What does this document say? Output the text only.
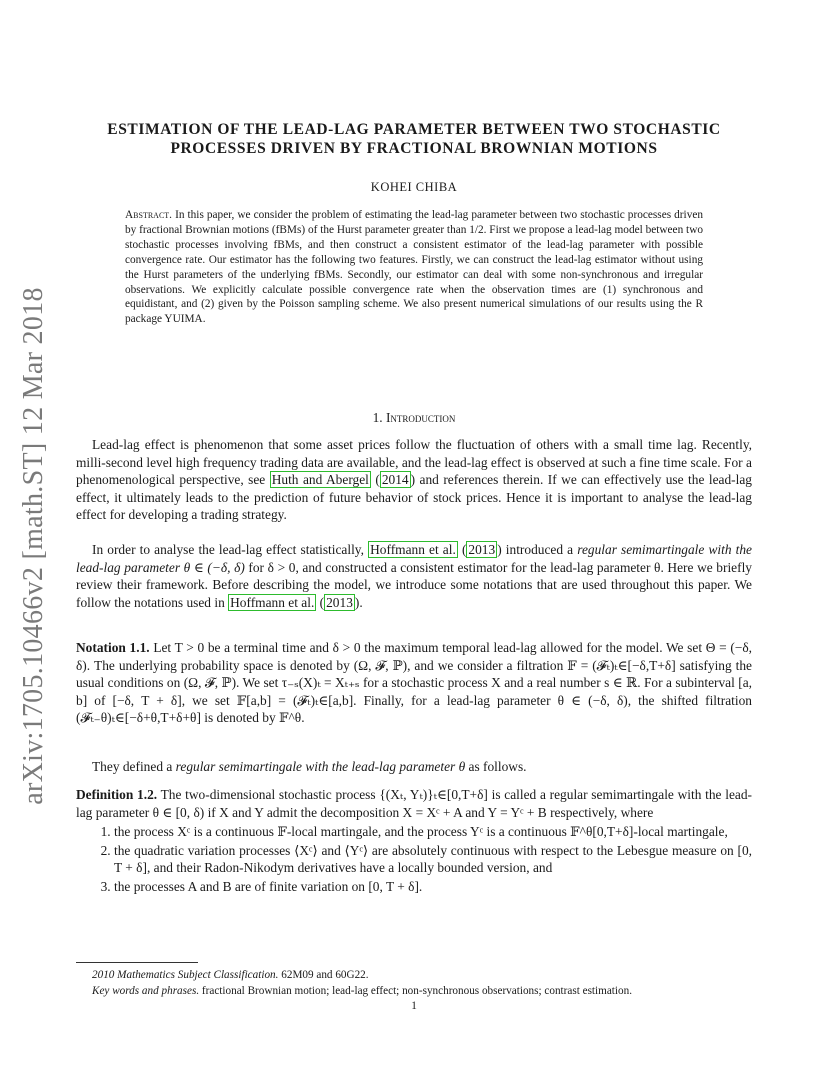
arXiv:1705.10466v2 [math.ST] 12 Mar 2018
ESTIMATION OF THE LEAD-LAG PARAMETER BETWEEN TWO STOCHASTIC PROCESSES DRIVEN BY FRACTIONAL BROWNIAN MOTIONS
KOHEI CHIBA
Abstract. In this paper, we consider the problem of estimating the lead-lag parameter between two stochastic processes driven by fractional Brownian motions (fBMs) of the Hurst parameter greater than 1/2. First we propose a lead-lag model between two stochastic processes involving fBMs, and then construct a consistent estimator of the lead-lag parameter with possible convergence rate. Our estimator has the following two features. Firstly, we can construct the lead-lag estimator without using the Hurst parameters of the underlying fBMs. Secondly, our estimator can deal with some non-synchronous and irregular observations. We explicitly calculate possible convergence rate when the observation times are (1) synchronous and equidistant, and (2) given by the Poisson sampling scheme. We also present numerical simulations of our results using the R package YUIMA.
1. Introduction

Lead-lag effect is phenomenon that some asset prices follow the fluctuation of others with a small time lag. Recently, milli-second level high frequency trading data are available, and the lead-lag effect is observed at such a fine time scale. For a phenomenological perspective, see Huth and Abergel ( 2014 ) and references therein. If we can effectively use the lead-lag effect, it ultimately leads to the prediction of future behavior of stock prices. Hence it is important to analyse the lead-lag effect for developing a trading strategy.

In order to analyse the lead-lag effect statistically, Hoffmann et al. ( 2013 ) introduced a regular semimartingale with the lead-lag parameter θ ∈ (−δ, δ) for δ > 0, and constructed a consistent estimator for the lead-lag parameter θ. Here we briefly review their framework. Before describing the model, we introduce some notations that are used throughout this paper. We follow the notations used in Hoffmann et al. ( 2013 ).

Notation 1.1. Let T > 0 be a terminal time and δ > 0 the maximum temporal lead-lag allowed for the model. We set Θ = (−δ, δ). The underlying probability space is denoted by (Ω, 𝓕, ℙ), and we consider a filtration 𝔽 = (𝓕ₜ)ₜ∈[−δ,T+δ] satisfying the usual conditions on (Ω, 𝓕, ℙ). We set τ₋ₛ(X)ₜ = Xₜ₊ₛ for a stochastic process X and a real number s ∈ ℝ. For a subinterval [a, b] of [−δ, T + δ], we set 𝔽[a,b] = (𝓕ₜ)ₜ∈[a,b]. Finally, for a lead-lag parameter θ ∈ (−δ, δ), the shifted filtration (𝓕ₜ₋θ)ₜ∈[−δ+θ,T+δ+θ] is denoted by 𝔽^θ.

They defined a regular semimartingale with the lead-lag parameter θ as follows.

Definition 1.2. The two-dimensional stochastic process {(Xₜ, Yₜ)}ₜ∈[0,T+δ] is called a regular semimartingale with the lead-lag parameter θ ∈ [0, δ) if X and Y admit the decomposition X = Xᶜ + A and Y = Yᶜ + B respectively, where

1. the process Xᶜ is a continuous 𝔽-local martingale, and the process Yᶜ is a continuous 𝔽^θ[0,T+δ]-local martingale,
2. the quadratic variation processes ⟨Xᶜ⟩ and ⟨Yᶜ⟩ are absolutely continuous with respect to the Lebesgue measure on [0, T + δ], and their Radon-Nikodym derivatives have a locally bounded version, and
3. the processes A and B are of finite variation on [0, T + δ].
2010 Mathematics Subject Classification. 62M09 and 60G22.
Key words and phrases. fractional Brownian motion; lead-lag effect; non-synchronous observations; contrast estimation.
1
